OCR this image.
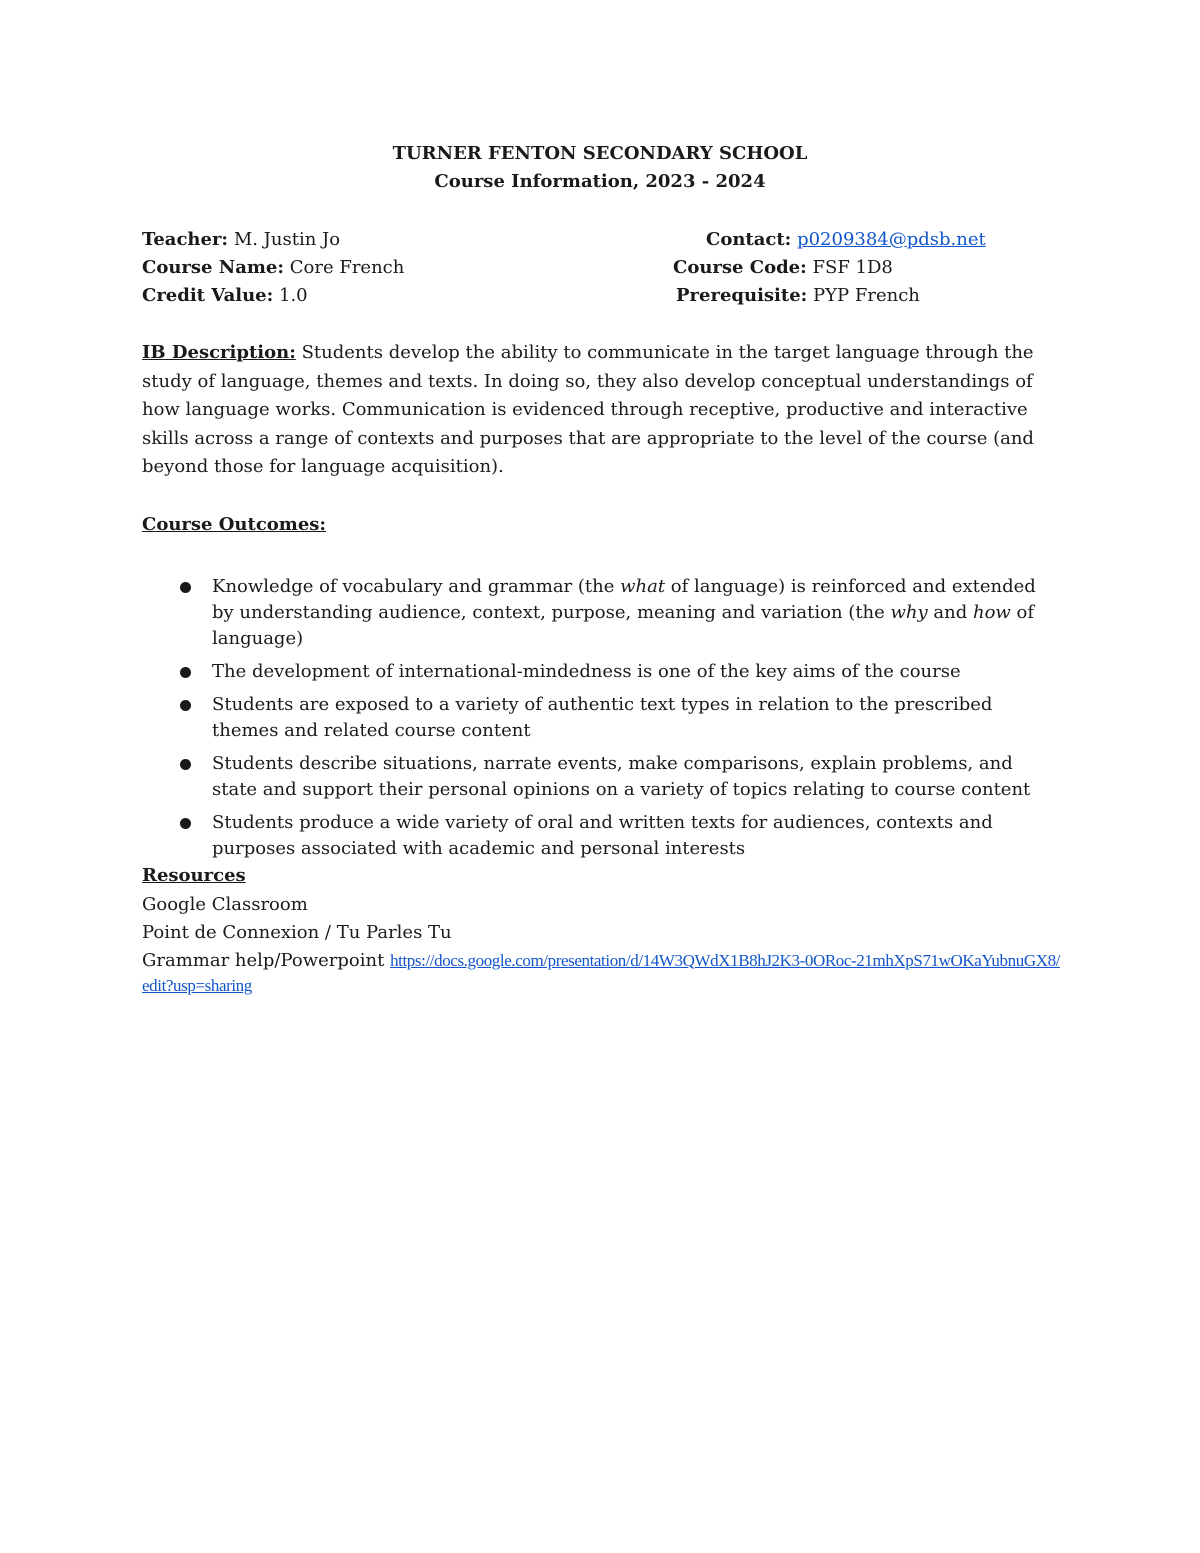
TURNER FENTON SECONDARY SCHOOL
Course Information, 2023 - 2024
Teacher: M. Justin Jo	Contact: p0209384@pdsb.net
Course Name: Core French	Course Code: FSF 1D8
Credit Value: 1.0	Prerequisite: PYP French
IB Description: Students develop the ability to communicate in the target language through the study of language, themes and texts. In doing so, they also develop conceptual understandings of how language works. Communication is evidenced through receptive, productive and interactive skills across a range of contexts and purposes that are appropriate to the level of the course (and beyond those for language acquisition).
Course Outcomes:
Knowledge of vocabulary and grammar (the what of language) is reinforced and extended by understanding audience, context, purpose, meaning and variation (the why and how of language)
The development of international-mindedness is one of the key aims of the course
Students are exposed to a variety of authentic text types in relation to the prescribed themes and related course content
Students describe situations, narrate events, make comparisons, explain problems, and state and support their personal opinions on a variety of topics relating to course content
Students produce a wide variety of oral and written texts for audiences, contexts and purposes associated with academic and personal interests
Resources
Google Classroom
Point de Connexion / Tu Parles Tu
Grammar help/Powerpoint https://docs.google.com/presentation/d/14W3QWdX1B8hJ2K3-0ORoc-21mhXpS71wOKaYubnuGX8/edit?usp=sharing
